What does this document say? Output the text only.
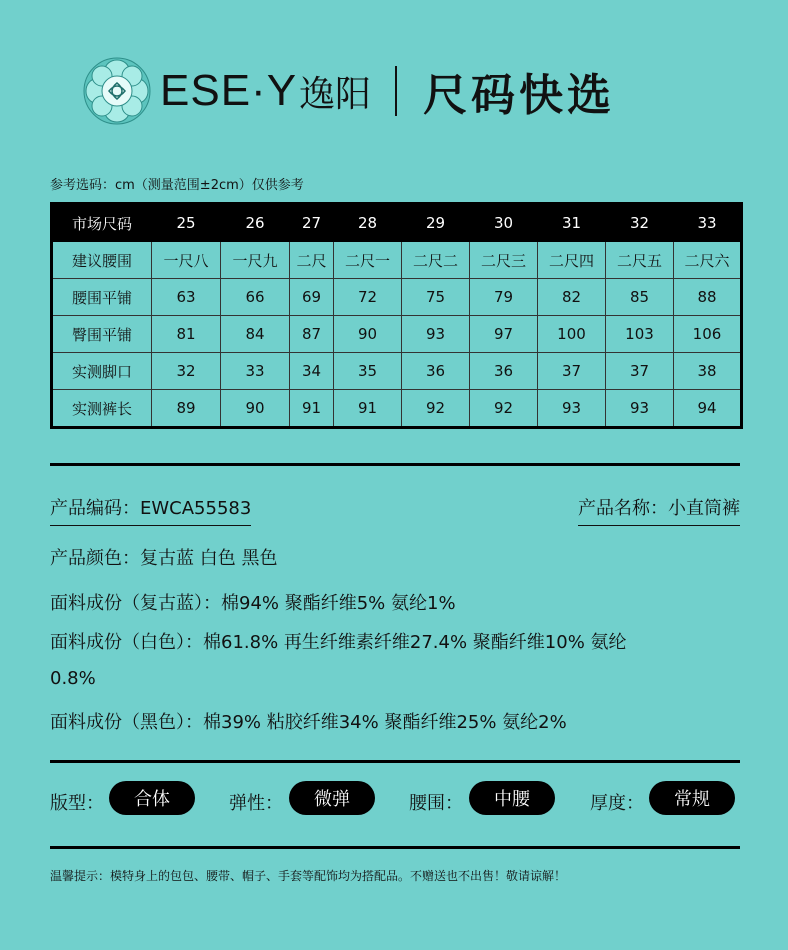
ESE·Y 逸阳 尺码快选
参考选码：cm（测量范围±2cm）仅供参考
市场尺码	25	26	27	28	29	30	31	32	33
建议腰围	一尺八	一尺九	二尺	二尺一	二尺二	二尺三	二尺四	二尺五	二尺六
腰围平铺	63	66	69	72	75	79	82	85	88
臀围平铺	81	84	87	90	93	97	100	103	106
实测脚口	32	33	34	35	36	36	37	37	38
实测裤长	89	90	91	91	92	92	93	93	94
产品编码：EWCA55583	产品名称：小直筒裤
产品颜色：复古蓝 白色 黑色
面料成份（复古蓝）：棉94% 聚酯纤维5% 氨纶1%
面料成份（白色）：棉61.8% 再生纤维素纤维27.4% 聚酯纤维10% 氨纶
0.8%
面料成份（黑色）：棉39% 粘胶纤维34% 聚酯纤维25% 氨纶2%
版型：	合体	弹性：	微弹	腰围：	中腰	厚度：	常规
温馨提示：模特身上的包包、腰带、帽子、手套等配饰均为搭配品。不赠送也不出售！敬请谅解！
